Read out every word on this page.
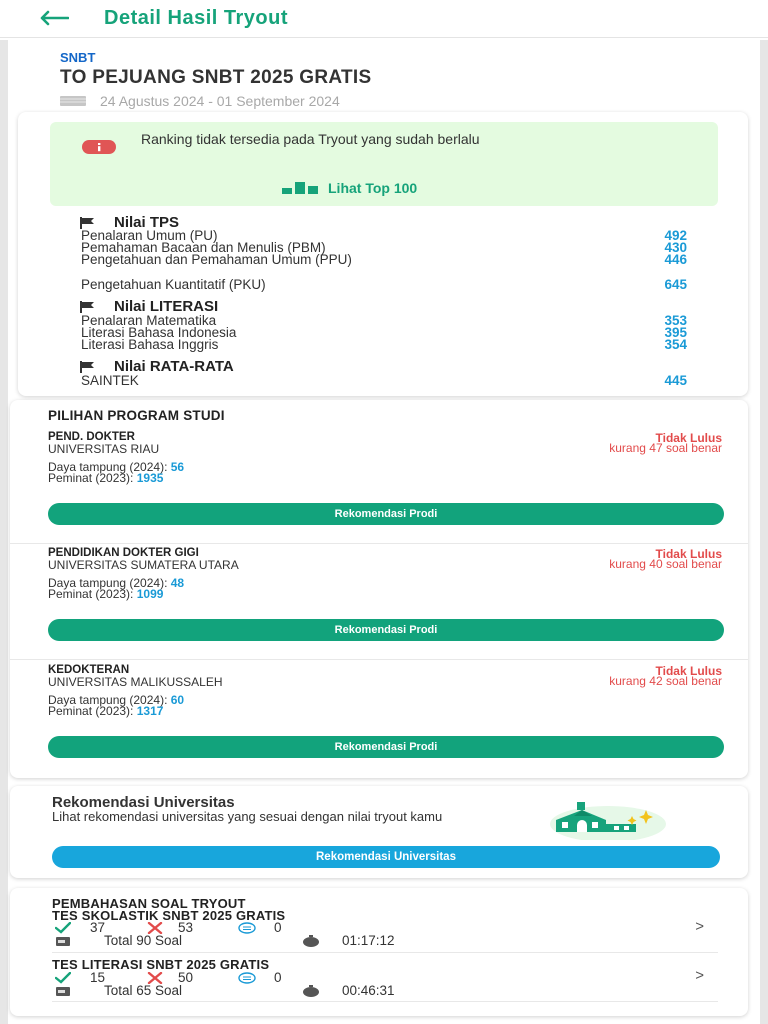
Detail Hasil Tryout
SNBT
TO PEJUANG SNBT 2025 GRATIS
24 Agustus 2024 - 01 September 2024
Ranking tidak tersedia pada Tryout yang sudah berlalu
Lihat Top 100
Nilai TPS
Penalaran Umum (PU)	492
Pemahaman Bacaan dan Menulis (PBM)	430
Pengetahuan dan Pemahaman Umum (PPU)	446
Pengetahuan Kuantitatif (PKU)	645
Nilai LITERASI
Penalaran Matematika	353
Literasi Bahasa Indonesia	395
Literasi Bahasa Inggris	354
Nilai RATA-RATA
SAINTEK	445
PILIHAN PROGRAM STUDI
PEND. DOKTER
UNIVERSITAS RIAU
Tidak Lulus
kurang 47 soal benar
Daya tampung (2024): 56
Peminat (2023): 1935
Rekomendasi Prodi
PENDIDIKAN DOKTER GIGI
UNIVERSITAS SUMATERA UTARA
Tidak Lulus
kurang 40 soal benar
Daya tampung (2024): 48
Peminat (2023): 1099
Rekomendasi Prodi
KEDOKTERAN
UNIVERSITAS MALIKUSSALEH
Tidak Lulus
kurang 42 soal benar
Daya tampung (2024): 60
Peminat (2023): 1317
Rekomendasi Prodi
Rekomendasi Universitas
Lihat rekomendasi universitas yang sesuai dengan nilai tryout kamu
Rekomendasi Universitas
PEMBAHASAN SOAL TRYOUT
TES SKOLASTIK SNBT 2025 GRATIS
37	53	0
Total 90 Soal	01:17:12
>
TES LITERASI SNBT 2025 GRATIS
15	50	0
Total 65 Soal	00:46:31
>
